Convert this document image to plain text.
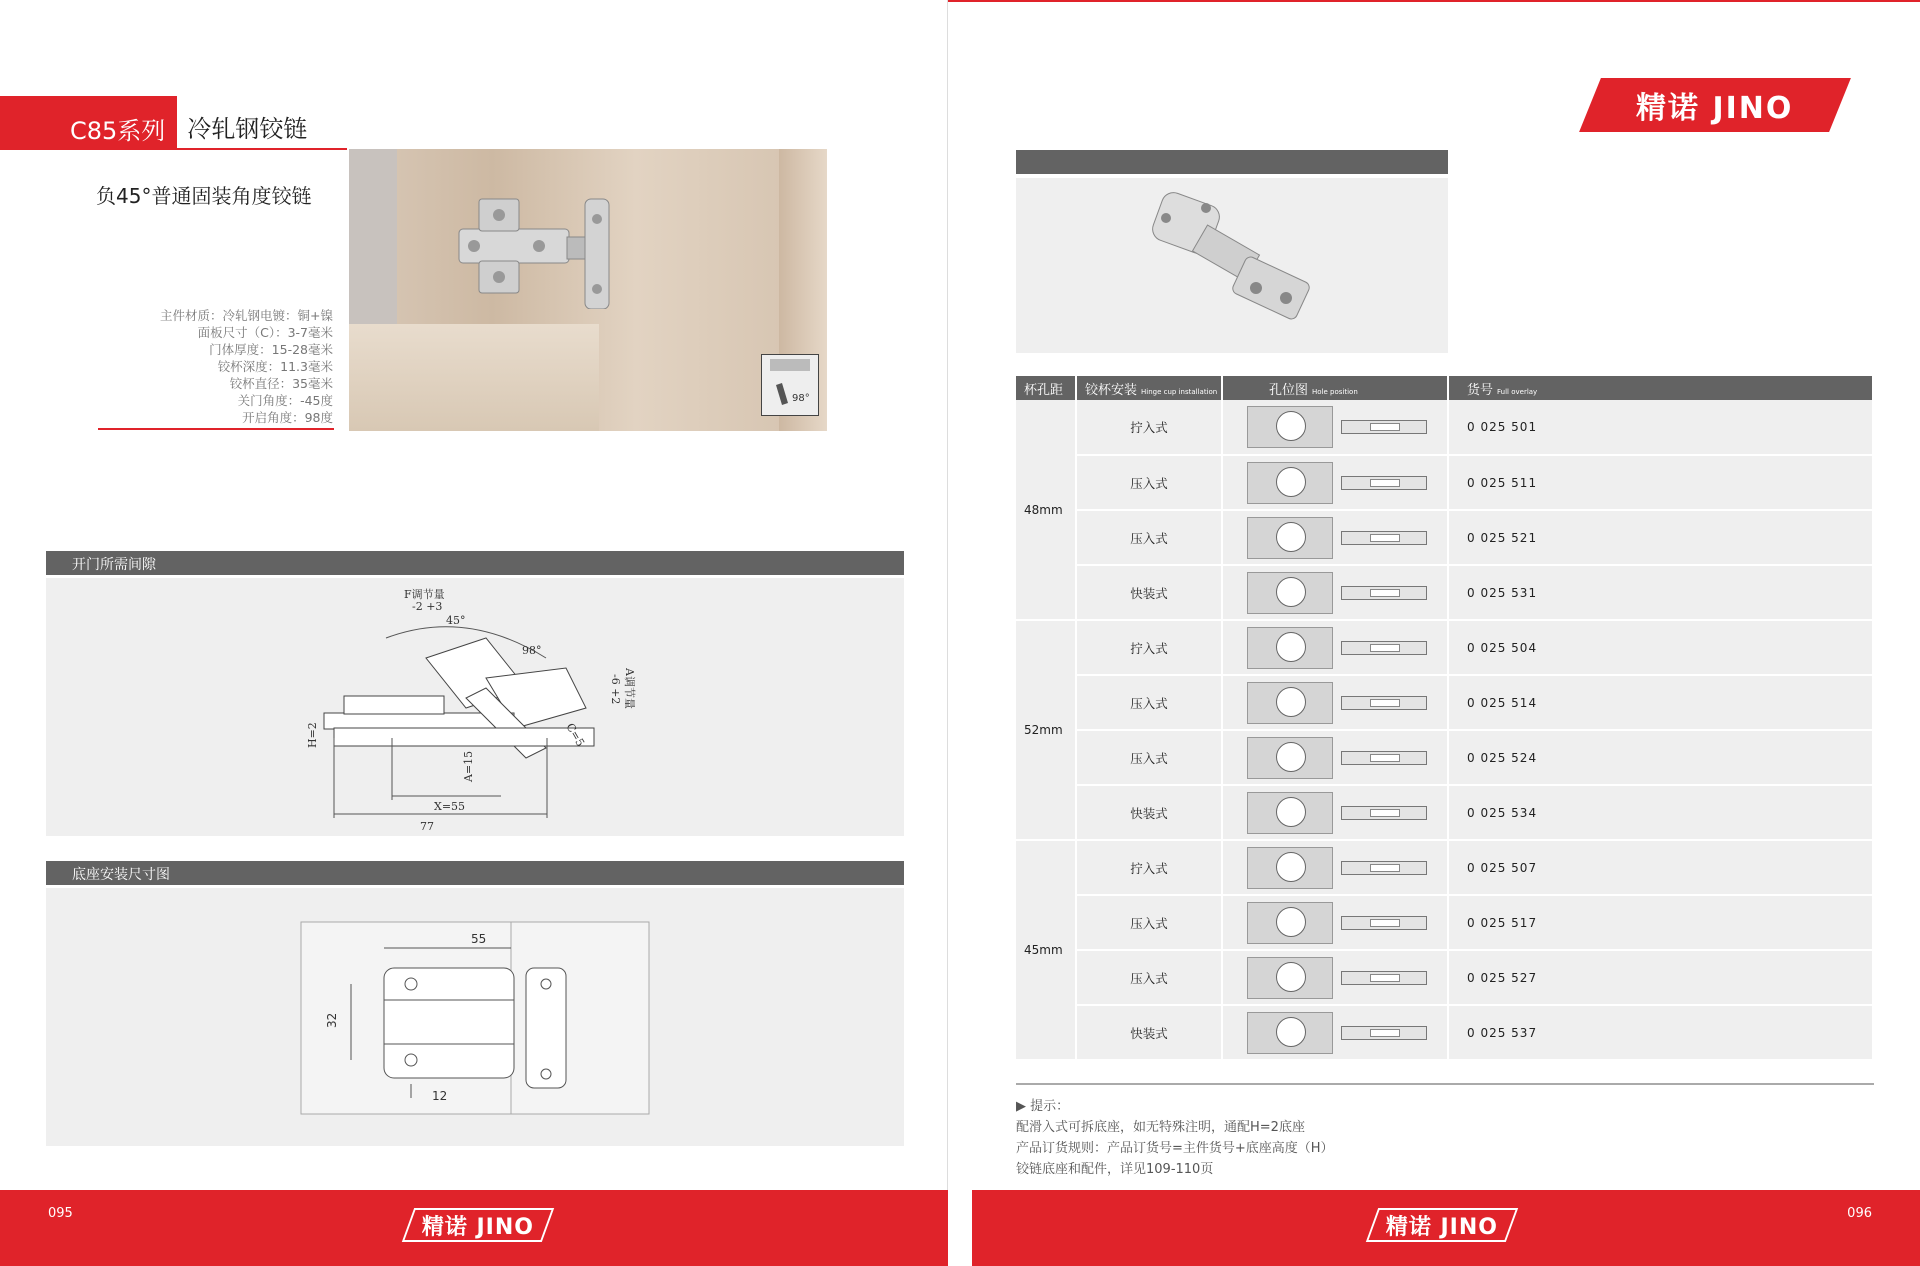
C85系列 冷轧钢铰链
负45°普通固装角度铰链
主件材质：冷轧钢电镀：铜+镍
面板尺寸（C）：3-7毫米
门体厚度：15-28毫米
铰杯深度：11.3毫米
铰杯直径：35毫米
关门角度：-45度
开启角度：98度
98°
开门所需间隙
F调节量
-2 +3
45°
98°
A调节量
-6 +2
C=5
H=2
A=15
X=55
77
底座安装尺寸图
55
32
12
095
精诺 JINO
精诺 JINO
杯孔距	铰杯安装 Hinge cup installation	孔位图 Hole position	货号 Full overlay
48mm	拧入式		0 025 501
	压入式		0 025 511
	压入式		0 025 521
	快装式		0 025 531
52mm	拧入式		0 025 504
	压入式		0 025 514
	压入式		0 025 524
	快装式		0 025 534
45mm	拧入式		0 025 507
	压入式		0 025 517
	压入式		0 025 527
	快装式		0 025 537
▶ 提示：
配滑入式可拆底座，如无特殊注明，通配H=2底座
产品订货规则：产品订货号=主件货号+底座高度（H）
铰链底座和配件，详见109-110页
精诺 JINO
096
